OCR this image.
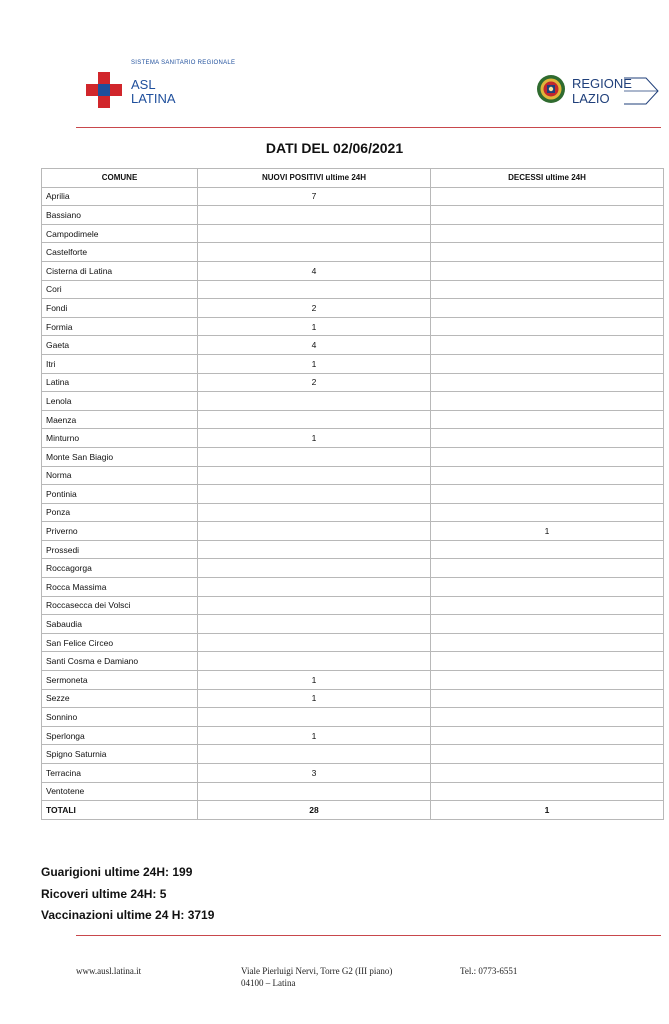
SISTEMA SANITARIO REGIONALE
ASL
LATINA
REGIONE
LAZIO
DATI DEL 02/06/2021
COMUNE	NUOVI POSITIVI ultime 24H	DECESSI ultime 24H
Aprilia	7	
Bassiano		
Campodimele		
Castelforte		
Cisterna di Latina	4	
Cori		
Fondi	2	
Formia	1	
Gaeta	4	
Itri	1	
Latina	2	
Lenola		
Maenza		
Minturno	1	
Monte San Biagio		
Norma		
Pontinia		
Ponza		
Priverno		1
Prossedi		
Roccagorga		
Rocca Massima		
Roccasecca dei Volsci		
Sabaudia		
San Felice Circeo		
Santi Cosma e Damiano		
Sermoneta	1	
Sezze	1	
Sonnino		
Sperlonga	1	
Spigno Saturnia		
Terracina	3	
Ventotene		
TOTALI	28	1
Guarigioni ultime 24H: 199
Ricoveri ultime 24H: 5
Vaccinazioni ultime 24 H: 3719
www.ausl.latina.it	Viale Pierluigi Nervi, Torre G2 (III piano)
04100 – Latina
Tel.: 0773-6551
